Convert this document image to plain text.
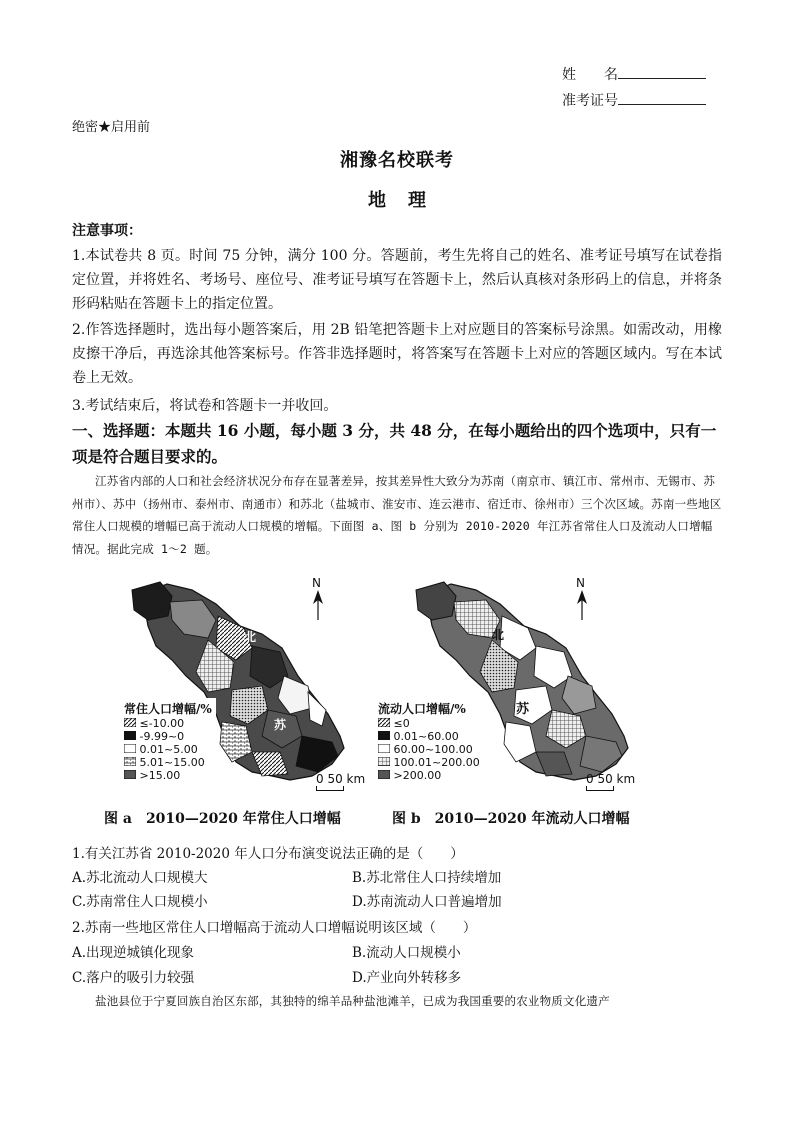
姓　　名
准考证号
绝密★启用前
湘豫名校联考
地理
注意事项：
1.本试卷共 8 页。时间 75 分钟，满分 100 分。答题前，考生先将自己的姓名、准考证号填写在试卷指定位置，并将姓名、考场号、座位号、准考证号填写在答题卡上，然后认真核对条形码上的信息，并将条形码粘贴在答题卡上的指定位置。
2.作答选择题时，选出每小题答案后，用 2B 铅笔把答题卡上对应题目的答案标号涂黑。如需改动，用橡皮擦干净后，再选涂其他答案标号。作答非选择题时，将答案写在答题卡上对应的答题区域内。写在本试卷上无效。
3.考试结束后，将试卷和答题卡一并收回。
一、选择题：本题共 16 小题，每小题 3 分，共 48 分，在每小题给出的四个选项中，只有一项是符合题目要求的。
江苏省内部的人口和社会经济状况分布存在显著差异，按其差异性大致分为苏南（南京市、镇江市、常州市、无锡市、苏州市）、苏中（扬州市、泰州市、南通市）和苏北（盐城市、淮安市、连云港市、宿迁市、徐州市）三个次区域。苏南一些地区常住人口规模的增幅已高于流动人口规模的增幅。下面图 a、图 b 分别为 2010-2020 年江苏省常住人口及流动人口增幅情况。据此完成 1～2 题。
N
北
苏
常住人口增幅/%
≤-10.00
-9.99~0
0.01~5.00
5.01~15.00
>15.00	0 50 km
N
北
苏
流动人口增幅/%
≤0
0.01~60.00
60.00~100.00
100.01~200.00
>200.00	0 50 km
图 a　2010—2020 年常住人口增幅	图 b　2010—2020 年流动人口增幅
1.有关江苏省 2010-2020 年人口分布演变说法正确的是（　　）
A.苏北流动人口规模大	B.苏北常住人口持续增加
C.苏南常住人口规模小	D.苏南流动人口普遍增加
2.苏南一些地区常住人口增幅高于流动人口增幅说明该区域（　　）
A.出现逆城镇化现象	B.流动人口规模小
C.落户的吸引力较强	D.产业向外转移多
盐池县位于宁夏回族自治区东部，其独特的绵羊品种盐池滩羊，已成为我国重要的农业物质文化遗产
